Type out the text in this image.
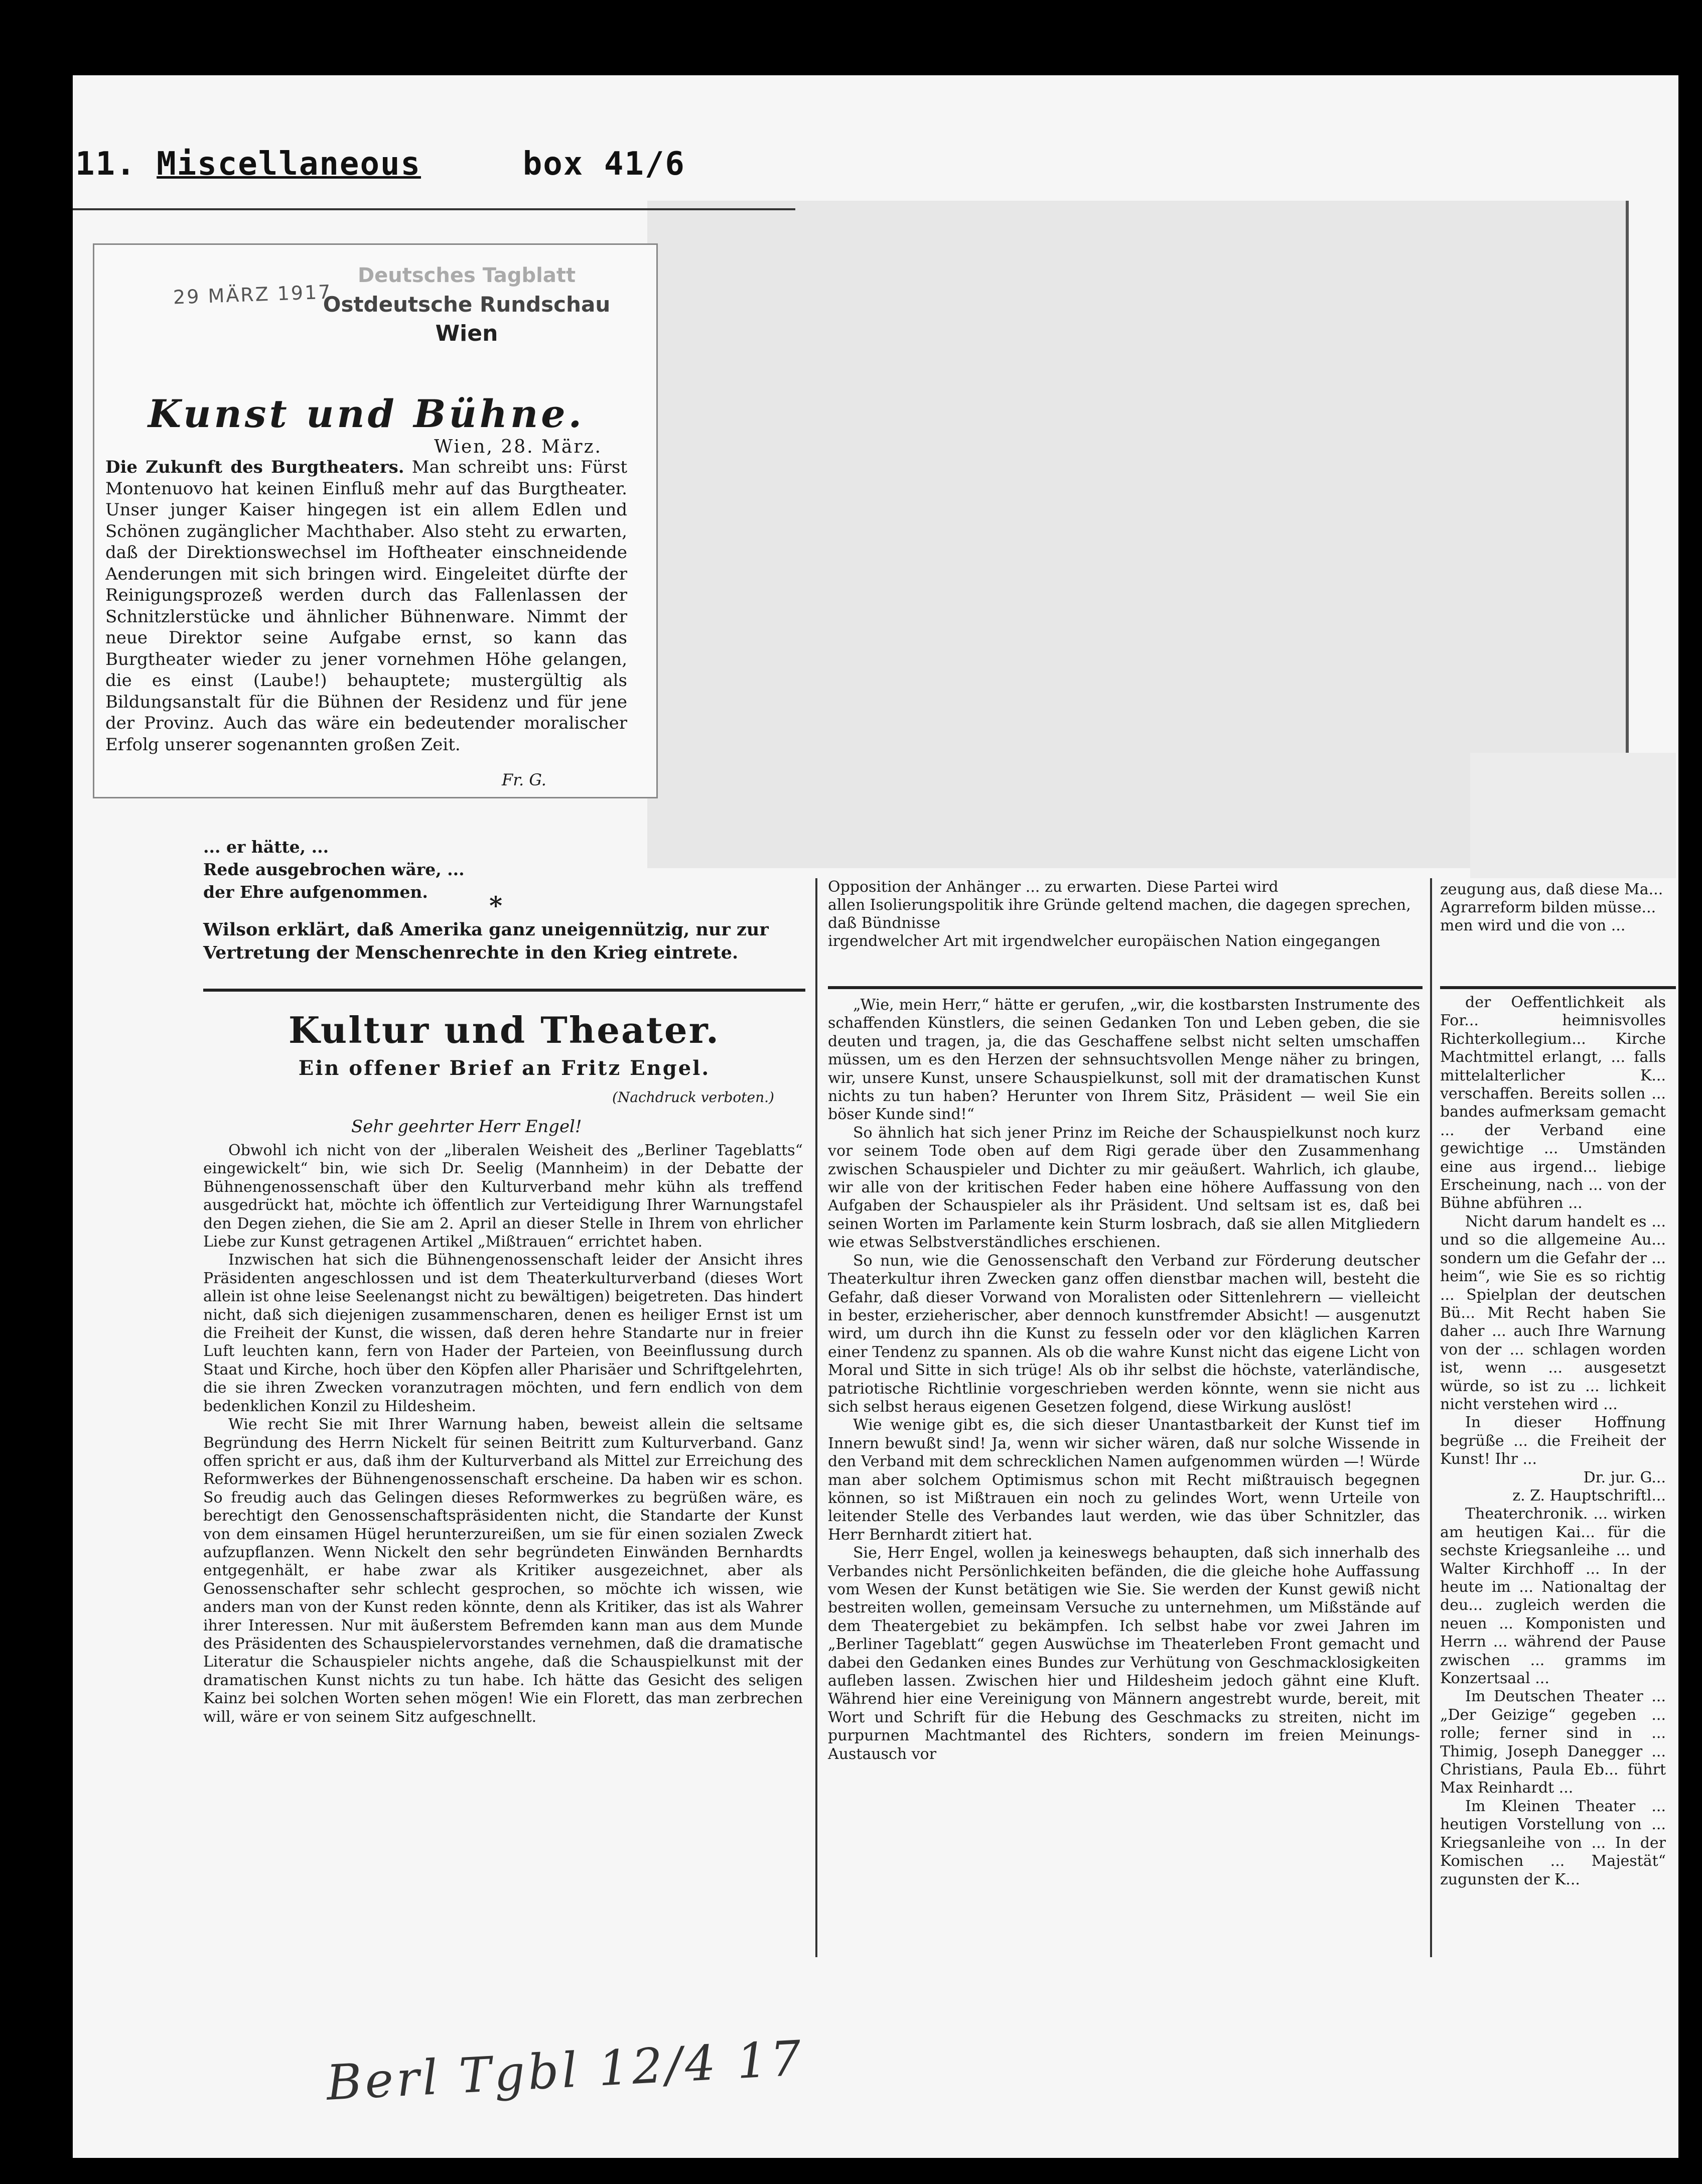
11. Miscellaneous	box 41/6
29 MÄRZ 1917
Deutsches Tagblatt
Ostdeutsche Rundschau
Wien
Kunst und Bühne.
Wien, 28. März.
Die Zukunft des Burgtheaters. Man schreibt uns: Fürst Montenuovo hat keinen Einfluß mehr auf das Burgtheater. Unser junger Kaiser hingegen ist ein allem Edlen und Schönen zugänglicher Machthaber. Also steht zu erwarten, daß der Direktionswechsel im Hoftheater einschneidende Aenderungen mit sich bringen wird. Eingeleitet dürfte der Reinigungsprozeß werden durch das Fallenlassen der Schnitzlerstücke und ähnlicher Bühnenware. Nimmt der neue Direktor seine Aufgabe ernst, so kann das Burgtheater wieder zu jener vornehmen Höhe gelangen, die es einst (Laube!) behauptete; mustergültig als Bildungsanstalt für die Bühnen der Residenz und für jene der Provinz. Auch das wäre ein bedeutender moralischer Erfolg unserer sogenannten großen Zeit.
Fr. G.
... er hätte, ...
Rede ausgebrochen wäre, ...
der Ehre aufgenommen.	*
Wilson erklärt, daß Amerika ganz uneigennützig, nur zur Vertretung der Menschenrechte in den Krieg eintrete.
Kultur und Theater.
Ein offener Brief an Fritz Engel.
(Nachdruck verboten.)
Sehr geehrter Herr Engel!

Obwohl ich nicht von der „liberalen Weisheit des „Berliner Tageblatts“ eingewickelt“ bin, wie sich Dr. Seelig (Mannheim) in der Debatte der Bühnengenossenschaft über den Kulturverband mehr kühn als treffend ausgedrückt hat, möchte ich öffentlich zur Verteidigung Ihrer Warnungstafel den Degen ziehen, die Sie am 2. April an dieser Stelle in Ihrem von ehrlicher Liebe zur Kunst getragenen Artikel „Mißtrauen“ errichtet haben.

Inzwischen hat sich die Bühnengenossenschaft leider der Ansicht ihres Präsidenten angeschlossen und ist dem Theaterkulturverband (dieses Wort allein ist ohne leise Seelenangst nicht zu bewältigen) beigetreten. Das hindert nicht, daß sich diejenigen zusammenscharen, denen es heiliger Ernst ist um die Freiheit der Kunst, die wissen, daß deren hehre Standarte nur in freier Luft leuchten kann, fern von Hader der Parteien, von Beeinflussung durch Staat und Kirche, hoch über den Köpfen aller Pharisäer und Schriftgelehrten, die sie ihren Zwecken voranzutragen möchten, und fern endlich von dem bedenklichen Konzil zu Hildesheim.

Wie recht Sie mit Ihrer Warnung haben, beweist allein die seltsame Begründung des Herrn Nickelt für seinen Beitritt zum Kulturverband. Ganz offen spricht er aus, daß ihm der Kulturverband als Mittel zur Erreichung des Reformwerkes der Bühnengenossenschaft erscheine. Da haben wir es schon. So freudig auch das Gelingen dieses Reformwerkes zu begrüßen wäre, es berechtigt den Genossenschaftspräsidenten nicht, die Standarte der Kunst von dem einsamen Hügel herunterzureißen, um sie für einen sozialen Zweck aufzupflanzen. Wenn Nickelt den sehr begründeten Einwänden Bernhardts entgegenhält, er habe zwar als Kritiker ausgezeichnet, aber als Genossenschafter sehr schlecht gesprochen, so möchte ich wissen, wie anders man von der Kunst reden könnte, denn als Kritiker, das ist als Wahrer ihrer Interessen. Nur mit äußerstem Befremden kann man aus dem Munde des Präsidenten des Schauspielervorstandes vernehmen, daß die dramatische Literatur die Schauspieler nichts angehe, daß die Schauspielkunst mit der dramatischen Kunst nichts zu tun habe. Ich hätte das Gesicht des seligen Kainz bei solchen Worten sehen mögen! Wie ein Florett, das man zerbrechen will, wäre er von seinem Sitz aufgeschnellt.

Berl Tgbl 12/4 17
Opposition der Anhänger ... zu erwarten. Diese Partei wird
allen Isolierungspolitik ihre Gründe geltend machen, die dagegen sprechen, daß Bündnisse
irgendwelcher Art mit irgendwelcher europäischen Nation eingegangen

„Wie, mein Herr,“ hätte er gerufen, „wir, die kostbarsten Instrumente des schaffenden Künstlers, die seinen Gedanken Ton und Leben geben, die sie deuten und tragen, ja, die das Geschaffene selbst nicht selten umschaffen müssen, um es den Herzen der sehnsuchtsvollen Menge näher zu bringen, wir, unsere Kunst, unsere Schauspielkunst, soll mit der dramatischen Kunst nichts zu tun haben? Herunter von Ihrem Sitz, Präsident — weil Sie ein böser Kunde sind!“

So ähnlich hat sich jener Prinz im Reiche der Schauspielkunst noch kurz vor seinem Tode oben auf dem Rigi gerade über den Zusammenhang zwischen Schauspieler und Dichter zu mir geäußert. Wahrlich, ich glaube, wir alle von der kritischen Feder haben eine höhere Auffassung von den Aufgaben der Schauspieler als ihr Präsident. Und seltsam ist es, daß bei seinen Worten im Parlamente kein Sturm losbrach, daß sie allen Mitgliedern wie etwas Selbstverständliches erschienen.

So nun, wie die Genossenschaft den Verband zur Förderung deutscher Theaterkultur ihren Zwecken ganz offen dienstbar machen will, besteht die Gefahr, daß dieser Vorwand von Moralisten oder Sittenlehrern — vielleicht in bester, erzieherischer, aber dennoch kunstfremder Absicht! — ausgenutzt wird, um durch ihn die Kunst zu fesseln oder vor den kläglichen Karren einer Tendenz zu spannen. Als ob die wahre Kunst nicht das eigene Licht von Moral und Sitte in sich trüge! Als ob ihr selbst die höchste, vaterländische, patriotische Richtlinie vorgeschrieben werden könnte, wenn sie nicht aus sich selbst heraus eigenen Gesetzen folgend, diese Wirkung auslöst!

Wie wenige gibt es, die sich dieser Unantastbarkeit der Kunst tief im Innern bewußt sind! Ja, wenn wir sicher wären, daß nur solche Wissende in den Verband mit dem schrecklichen Namen aufgenommen würden —! Würde man aber solchem Optimismus schon mit Recht mißtrauisch begegnen können, so ist Mißtrauen ein noch zu gelindes Wort, wenn Urteile von leitender Stelle des Verbandes laut werden, wie das über Schnitzler, das Herr Bernhardt zitiert hat.

Sie, Herr Engel, wollen ja keineswegs behaupten, daß sich innerhalb des Verbandes nicht Persönlichkeiten befänden, die die gleiche hohe Auffassung vom Wesen der Kunst betätigen wie Sie. Sie werden der Kunst gewiß nicht bestreiten wollen, gemeinsam Versuche zu unternehmen, um Mißstände auf dem Theatergebiet zu bekämpfen. Ich selbst habe vor zwei Jahren im „Berliner Tageblatt“ gegen Auswüchse im Theaterleben Front gemacht und dabei den Gedanken eines Bundes zur Verhütung von Geschmacklosigkeiten aufleben lassen. Zwischen hier und Hildesheim jedoch gähnt eine Kluft. Während hier eine Vereinigung von Männern angestrebt wurde, bereit, mit Wort und Schrift für die Hebung des Geschmacks zu streiten, nicht im purpurnen Machtmantel des Richters, sondern im freien Meinungs-Austausch vor

zeugung aus, daß diese Ma...
Agrarreform bilden müsse...
men wird und die von ...

der Oeffentlichkeit als For... heimnisvolles Richterkollegium... Kirche Machtmittel erlangt, ... falls mittelalterlicher K... verschaffen. Bereits sollen ... bandes aufmerksam gemacht ... der Verband eine gewichtige ... Umständen eine aus irgend... liebige Erscheinung, nach ... von der Bühne abführen ...

Nicht darum handelt es ... und so die allgemeine Au... sondern um die Gefahr der ... heim“, wie Sie es so richtig ... Spielplan der deutschen Bü... Mit Recht haben Sie daher ... auch Ihre Warnung von der ... schlagen worden ist, wenn ... ausgesetzt würde, so ist zu ... lichkeit nicht verstehen wird ...

In dieser Hoffnung begrüße ... die Freiheit der Kunst! Ihr ...

Dr. jur. G...

z. Z. Hauptschriftl...

Theaterchronik. ... wirken am heutigen Kai... für die sechste Kriegsanleihe ... und Walter Kirchhoff ... In der heute im ... Nationaltag der deu... zugleich werden die neuen ... Komponisten und Herrn ... während der Pause zwischen ... gramms im Konzertsaal ...

Im Deutschen Theater ... „Der Geizige“ gegeben ... rolle; ferner sind in ... Thimig, Joseph Danegger ... Christians, Paula Eb... führt Max Reinhardt ...

Im Kleinen Theater ... heutigen Vorstellung von ... Kriegsanleihe von ... In der Komischen ... Majestät“ zugunsten der K...
